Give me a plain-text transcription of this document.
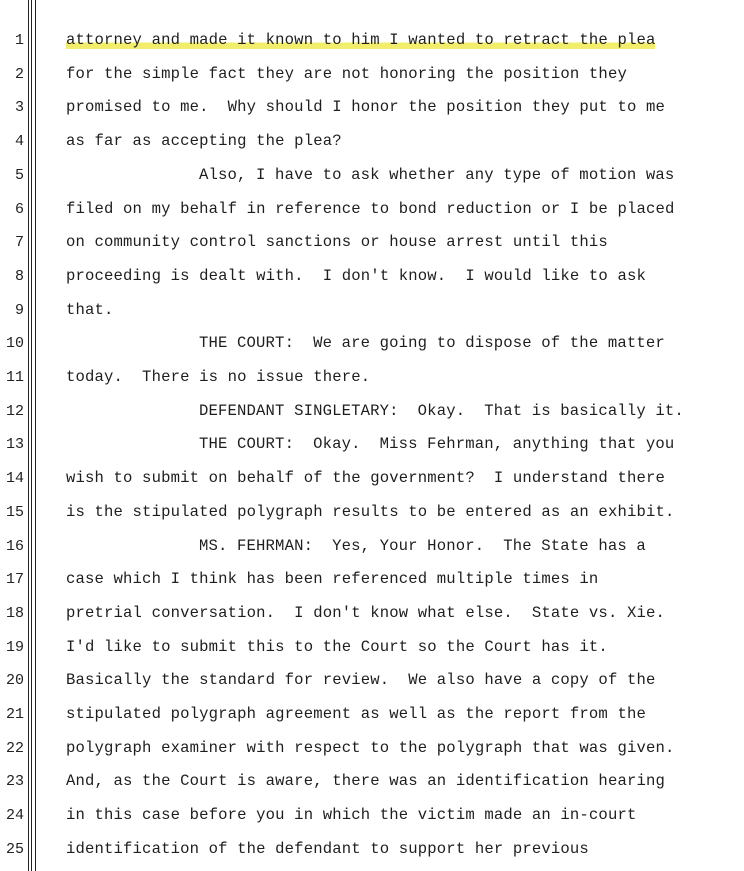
1	attorney and made it known to him I wanted to retract the plea
2	for the simple fact they are not honoring the position they
3	promised to me.  Why should I honor the position they put to me
4	as far as accepting the plea?
5	Also, I have to ask whether any type of motion was
6	filed on my behalf in reference to bond reduction or I be placed
7	on community control sanctions or house arrest until this
8	proceeding is dealt with.  I don't know.  I would like to ask
9	that.
10	THE COURT:  We are going to dispose of the matter
11	today.  There is no issue there.
12	DEFENDANT SINGLETARY:  Okay.  That is basically it.
13	THE COURT:  Okay.  Miss Fehrman, anything that you
14	wish to submit on behalf of the government?  I understand there
15	is the stipulated polygraph results to be entered as an exhibit.
16	MS. FEHRMAN:  Yes, Your Honor.  The State has a
17	case which I think has been referenced multiple times in
18	pretrial conversation.  I don't know what else.  State vs. Xie.
19	I'd like to submit this to the Court so the Court has it.
20	Basically the standard for review.  We also have a copy of the
21	stipulated polygraph agreement as well as the report from the
22	polygraph examiner with respect to the polygraph that was given.
23	And, as the Court is aware, there was an identification hearing
24	in this case before you in which the victim made an in-court
25	identification of the defendant to support her previous
